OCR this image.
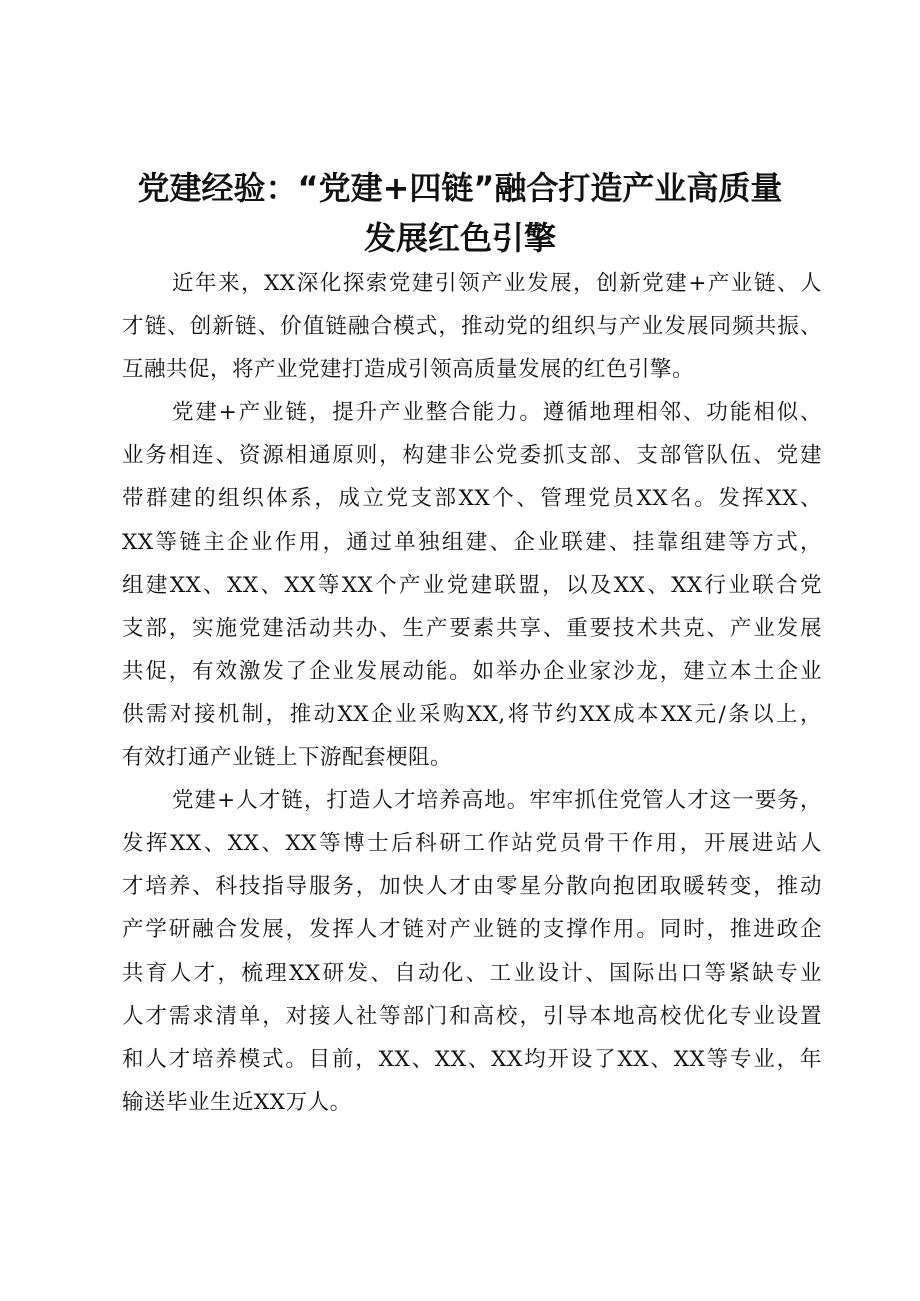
党建经验：“党建+四链”融合打造产业高质量
发展红色引擎
近年来，XX深化探索党建引领产业发展，创新党建+产业链、人
才链、创新链、价值链融合模式，推动党的组织与产业发展同频共振、
互融共促，将产业党建打造成引领高质量发展的红色引擎。
党建+产业链，提升产业整合能力。遵循地理相邻、功能相似、
业务相连、资源相通原则，构建非公党委抓支部、支部管队伍、党建
带群建的组织体系，成立党支部XX个、管理党员XX名。发挥XX、
XX等链主企业作用，通过单独组建、企业联建、挂靠组建等方式，
组建XX、XX、XX等XX个产业党建联盟，以及XX、XX行业联合党
支部，实施党建活动共办、生产要素共享、重要技术共克、产业发展
共促，有效激发了企业发展动能。如举办企业家沙龙，建立本土企业
供需对接机制，推动XX企业采购XX,将节约XX成本XX元/条以上，
有效打通产业链上下游配套梗阻。
党建+人才链，打造人才培养高地。牢牢抓住党管人才这一要务，
发挥XX、XX、XX等博士后科研工作站党员骨干作用，开展进站人
才培养、科技指导服务，加快人才由零星分散向抱团取暖转变，推动
产学研融合发展，发挥人才链对产业链的支撑作用。同时，推进政企
共育人才，梳理XX研发、自动化、工业设计、国际出口等紧缺专业
人才需求清单，对接人社等部门和高校，引导本地高校优化专业设置
和人才培养模式。目前，XX、XX、XX均开设了XX、XX等专业，年
输送毕业生近XX万人。
